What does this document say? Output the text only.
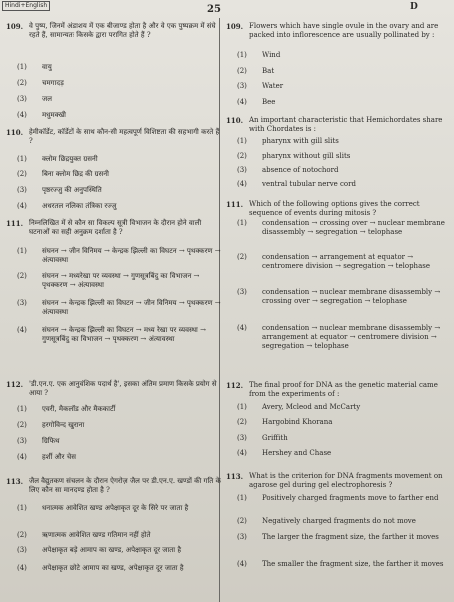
Hindi+English	25	D
109. वे पुष्प, जिनमें अंडाशय में एक बीजाण्ड होता है और वे एक पुष्पक्रम में संघे रहते हैं, सामान्यतः किसके द्वारा परागित होते हैं ?
(1) वायु
(2) चमगादड़
(3) जल
(4) मधुमक्खी
110. हेमीकॉर्डेट, कॉर्डेटों के साथ कौन-सी महत्वपूर्ण विशिष्टता की सहभागी करते हैं ?
(1) क्लोम छिद्रयुक्त ग्रसनी
(2) बिना क्लोम छिद्र की ग्रसनी
(3) पृष्ठरज्जु की अनुपस्थिति
(4) अधरतल नलिका तंत्रिका रज्जु
111. निम्नलिखित में से कौन सा विकल्प सूत्री विभाजन के दौरान होने वाली घटनाओं का सही अनुक्रम दर्शाता है ?
(1) संघनन → जीन विनिमय → केन्द्रक झिल्ली का विघटन → पृथक्करण → अंत्यावस्था
(2) संघनन → मध्यरेखा पर व्यवस्था → गुणसूत्रबिंदु का विभाजन → पृथक्करण → अंत्यावस्था
(3) संघनन → केन्द्रक झिल्ली का विघटन → जीन विनिमय → पृथक्करण → अंत्यावस्था
(4) संघनन → केन्द्रक झिल्ली का विघटन → मध्य रेखा पर व्यवस्था → गुणसूत्रबिंदु का विभाजन → पृथक्करण → अंत्यावस्था
112. 'डी.एन.ए. एक आनुवंशिक पदार्थ है', इसका अंतिम प्रमाण किसके प्रयोग से आया ?
(1) एवरी, मैकलॉड और मैककार्टी
(2) हरगोविन्द खुराना
(3) ग्रिफिथ
(4) हर्शी और चेस
113. जैल वैद्युतकण संचलन के दौरान ऐगरोज़ जैल पर डी.एन.ए. खण्डों की गति के लिए कौन सा मानदण्ड होता है ?
(1) धनात्मक आवेशित खण्ड अपेक्षाकृत दूर के सिरे पर जाता है
(2) ऋणात्मक आवेशित खण्ड गतिमान नहीं होते
(3) अपेक्षाकृत बड़े आमाप का खण्ड, अपेक्षाकृत दूर जाता है
(4) अपेक्षाकृत छोटे आमाप का खण्ड, अपेक्षाकृत दूर जाता है
109. Flowers which have single ovule in the ovary and are packed into inflorescence are usually pollinated by :
(1) Wind
(2) Bat
(3) Water
(4) Bee
110. An important characteristic that Hemichordates share with Chordates is :
(1) pharynx with gill slits
(2) pharynx without gill slits
(3) absence of notochord
(4) ventral tubular nerve cord
111. Which of the following options gives the correct sequence of events during mitosis ?
(1) condensation → crossing over → nuclear membrane disassembly → segregation → telophase
(2) condensation → arrangement at equator → centromere division → segregation → telophase
(3) condensation → nuclear membrane disassembly → crossing over → segregation → telophase
(4) condensation → nuclear membrane disassembly → arrangement at equator → centromere division → segregation → telophase
112. The final proof for DNA as the genetic material came from the experiments of :
(1) Avery, Mcleod and McCarty
(2) Hargobind Khorana
(3) Griffith
(4) Hershey and Chase
113. What is the criterion for DNA fragments movement on agarose gel during gel electrophoresis ?
(1) Positively charged fragments move to farther end
(2) Negatively charged fragments do not move
(3) The larger the fragment size, the farther it moves
(4) The smaller the fragment size, the farther it moves
